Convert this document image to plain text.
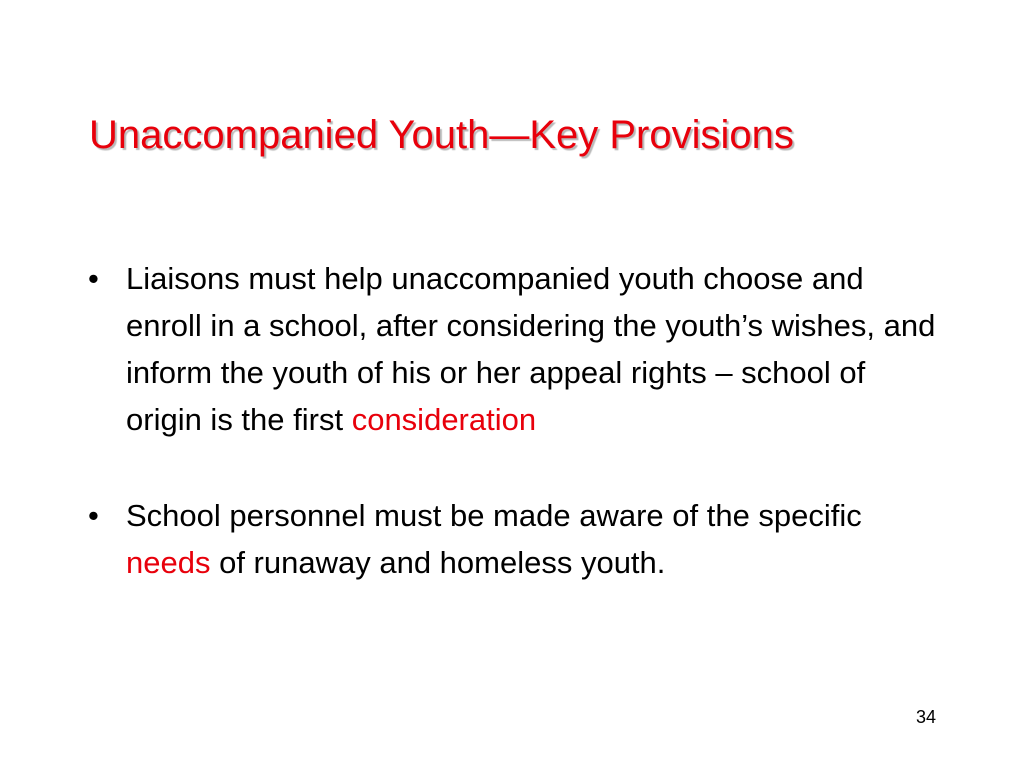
Unaccompanied Youth—Key Provisions
• Liaisons must help unaccompanied youth choose and enroll in a school, after considering the youth’s wishes, and inform the youth of his or her appeal rights – school of origin is the first consideration
• School personnel must be made aware of the specific needs of runaway and homeless youth.
34
